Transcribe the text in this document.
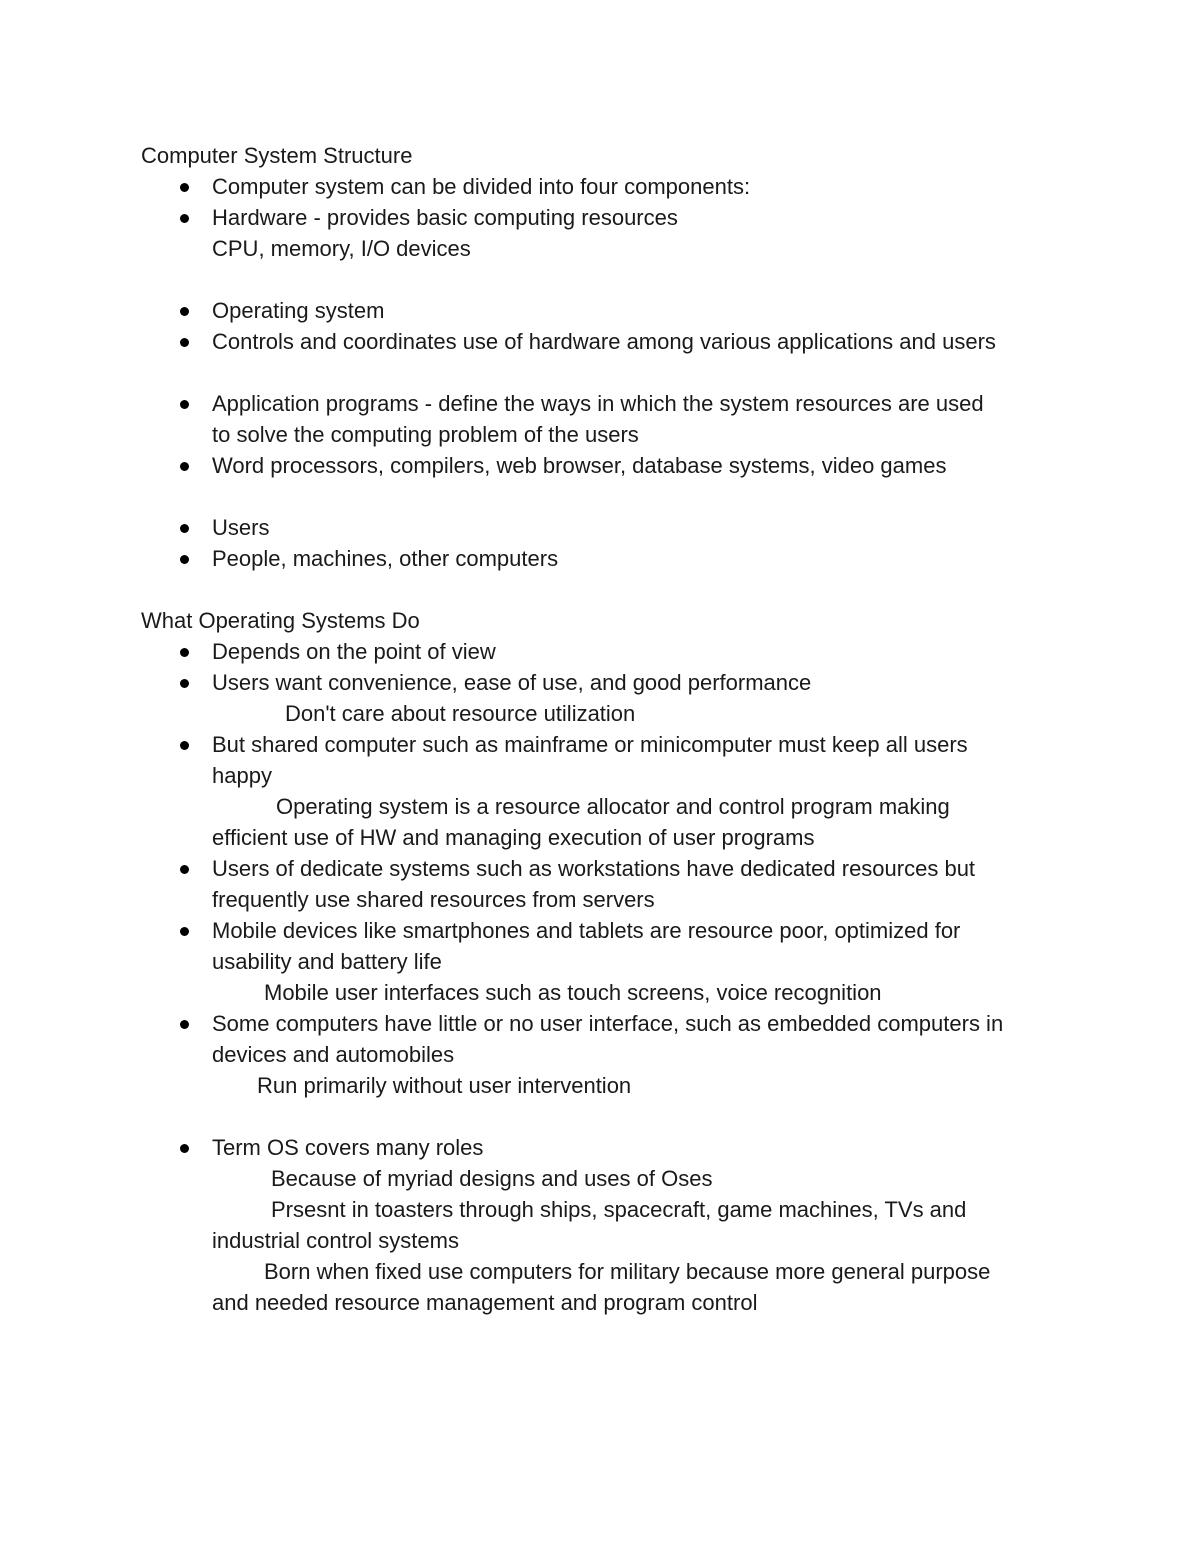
Computer System Structure

Computer system can be divided into four components:
Hardware - provides basic computing resources
CPU, memory, I/O devices
Operating system
Controls and coordinates use of hardware among various applications and users
Application programs - define the ways in which the system resources are used
to solve the computing problem of the users
Word processors, compilers, web browser, database systems, video games
Users
People, machines, other computers

What Operating Systems Do

Depends on the point of view
Users want convenience, ease of use, and good performance
Don't care about resource utilization
But shared computer such as mainframe or minicomputer must keep all users
happy
Operating system is a resource allocator and control program making
efficient use of HW and managing execution of user programs
Users of dedicate systems such as workstations have dedicated resources but
frequently use shared resources from servers
Mobile devices like smartphones and tablets are resource poor, optimized for
usability and battery life
Mobile user interfaces such as touch screens, voice recognition
Some computers have little or no user interface, such as embedded computers in
devices and automobiles
Run primarily without user intervention
Term OS covers many roles
Because of myriad designs and uses of Oses
Prsesnt in toasters through ships, spacecraft, game machines, TVs and
industrial control systems
Born when fixed use computers for military because more general purpose
and needed resource management and program control
